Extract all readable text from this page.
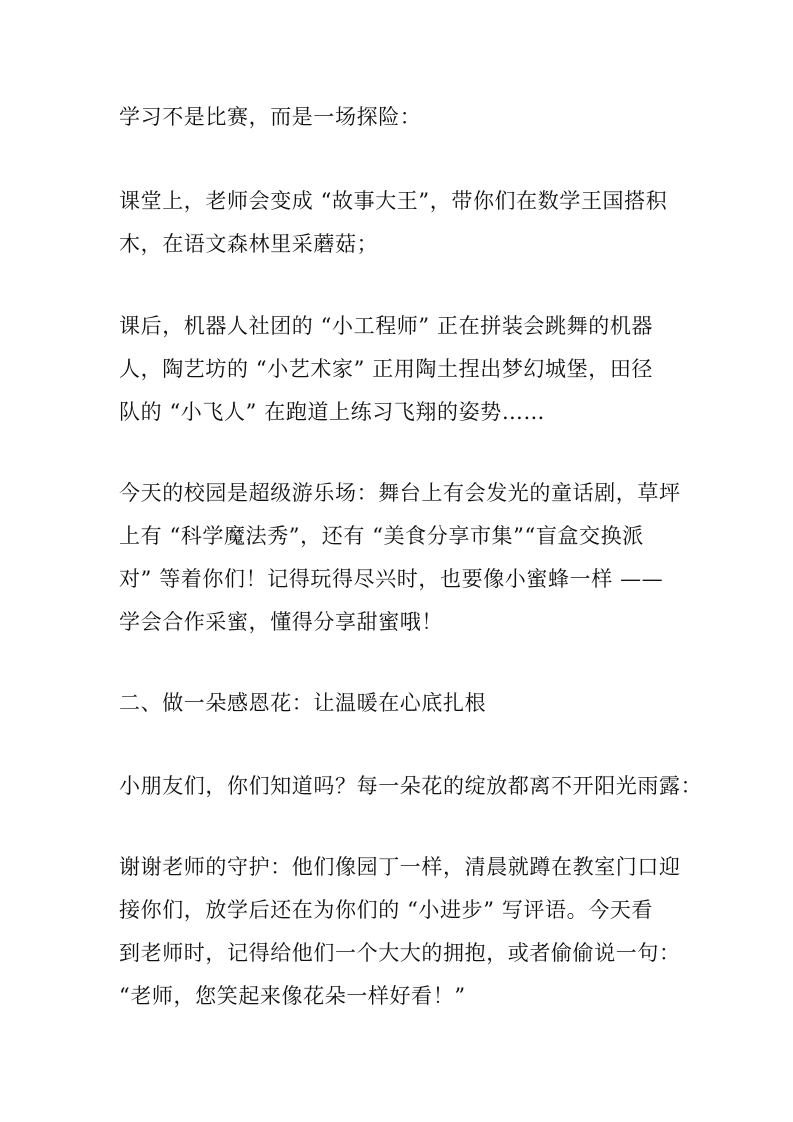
学习不是比赛，而是一场探险：
课堂上，老师会变成 “故事大王”，带你们在数学王国搭积
木，在语文森林里采蘑菇；
课后，机器人社团的 “小工程师” 正在拼装会跳舞的机器
人，陶艺坊的 “小艺术家” 正用陶土捏出梦幻城堡，田径
队的 “小飞人” 在跑道上练习飞翔的姿势……
今天的校园是超级游乐场：舞台上有会发光的童话剧，草坪
上有 “科学魔法秀”，还有 “美食分享市集”“盲盒交换派
对” 等着你们！记得玩得尽兴时，也要像小蜜蜂一样 ——
学会合作采蜜，懂得分享甜蜜哦！
二、做一朵感恩花：让温暖在心底扎根
小朋友们，你们知道吗？每一朵花的绽放都离不开阳光雨露：
谢谢老师的守护：他们像园丁一样，清晨就蹲在教室门口迎
接你们，放学后还在为你们的 “小进步” 写评语。今天看
到老师时，记得给他们一个大大的拥抱，或者偷偷说一句：
“老师，您笑起来像花朵一样好看！”
